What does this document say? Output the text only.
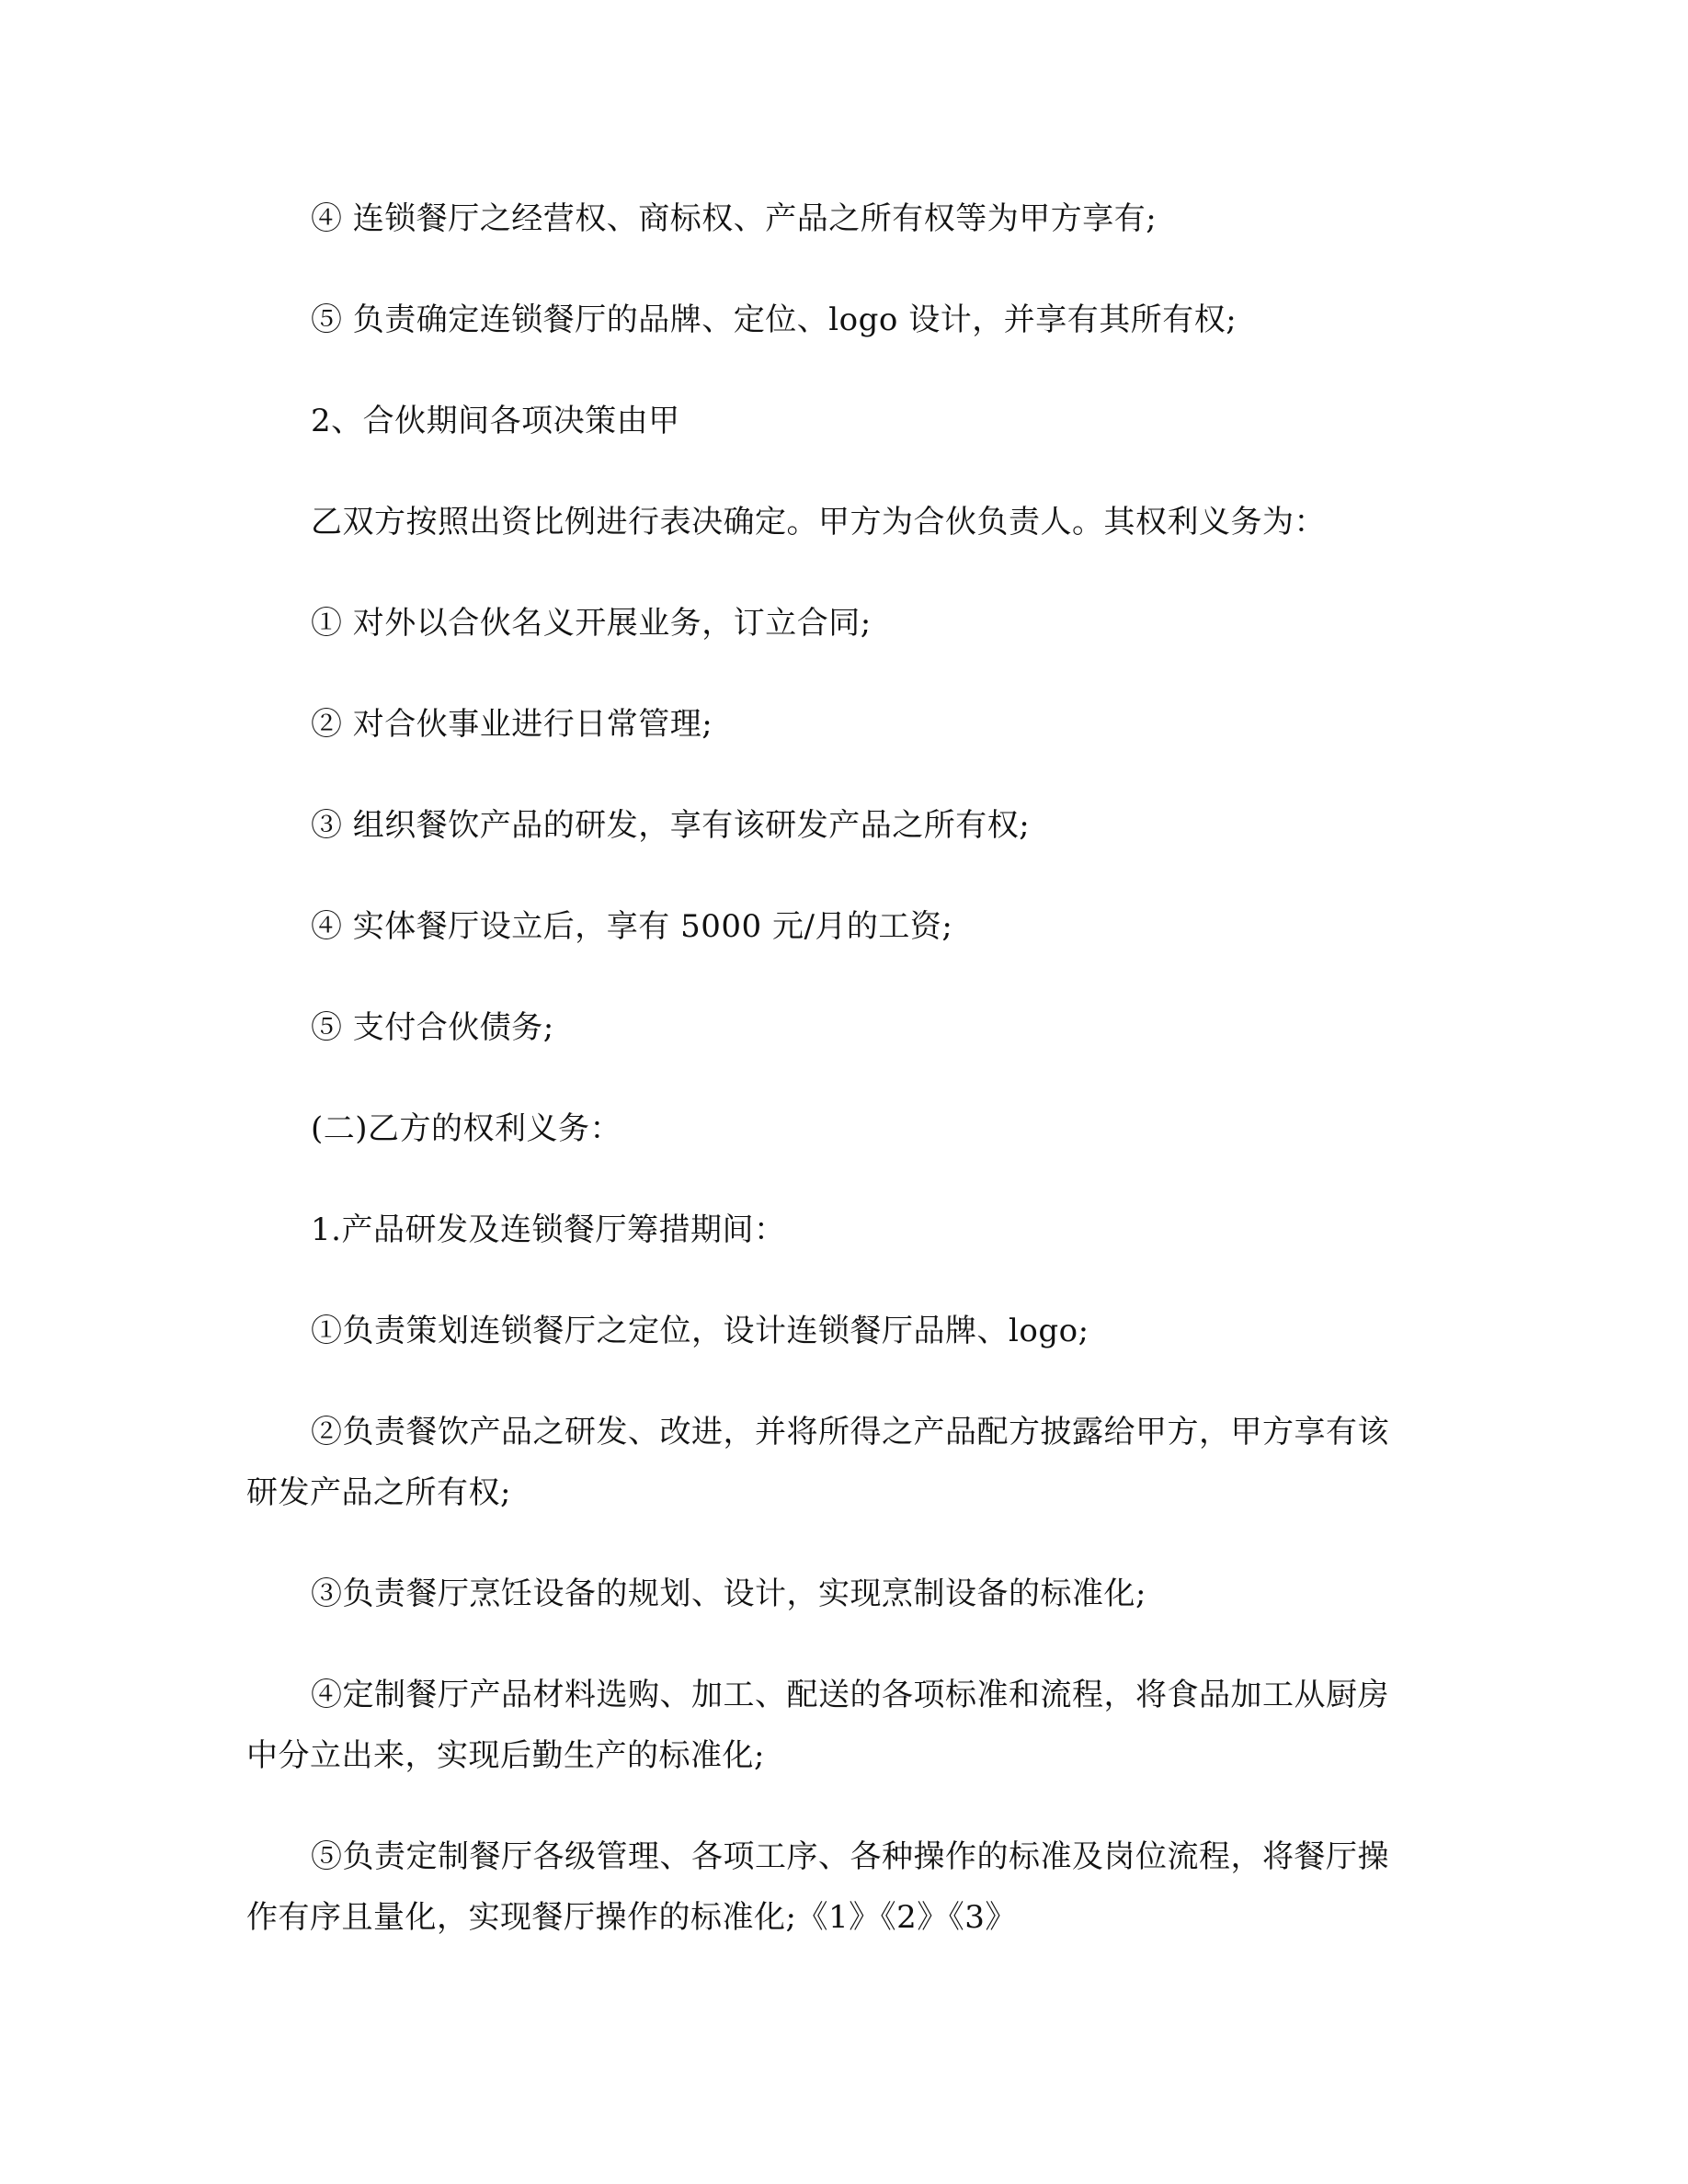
④ 连锁餐厅之经营权、商标权、产品之所有权等为甲方享有;
⑤ 负责确定连锁餐厅的品牌、定位、logo 设计，并享有其所有权;
2、合伙期间各项决策由甲
乙双方按照出资比例进行表决确定。甲方为合伙负责人。其权利义务为：
① 对外以合伙名义开展业务，订立合同;
② 对合伙事业进行日常管理;
③ 组织餐饮产品的研发，享有该研发产品之所有权;
④ 实体餐厅设立后，享有 5000 元/月的工资;
⑤ 支付合伙债务;
(二)乙方的权利义务：
1.产品研发及连锁餐厅筹措期间：
①负责策划连锁餐厅之定位，设计连锁餐厅品牌、logo;
②负责餐饮产品之研发、改进，并将所得之产品配方披露给甲方，甲方享有该
研发产品之所有权;
③负责餐厅烹饪设备的规划、设计，实现烹制设备的标准化;
④定制餐厅产品材料选购、加工、配送的各项标准和流程，将食品加工从厨房
中分立出来，实现后勤生产的标准化;
⑤负责定制餐厅各级管理、各项工序、各种操作的标准及岗位流程，将餐厅操
作有序且量化，实现餐厅操作的标准化;《1》《2》《3》
